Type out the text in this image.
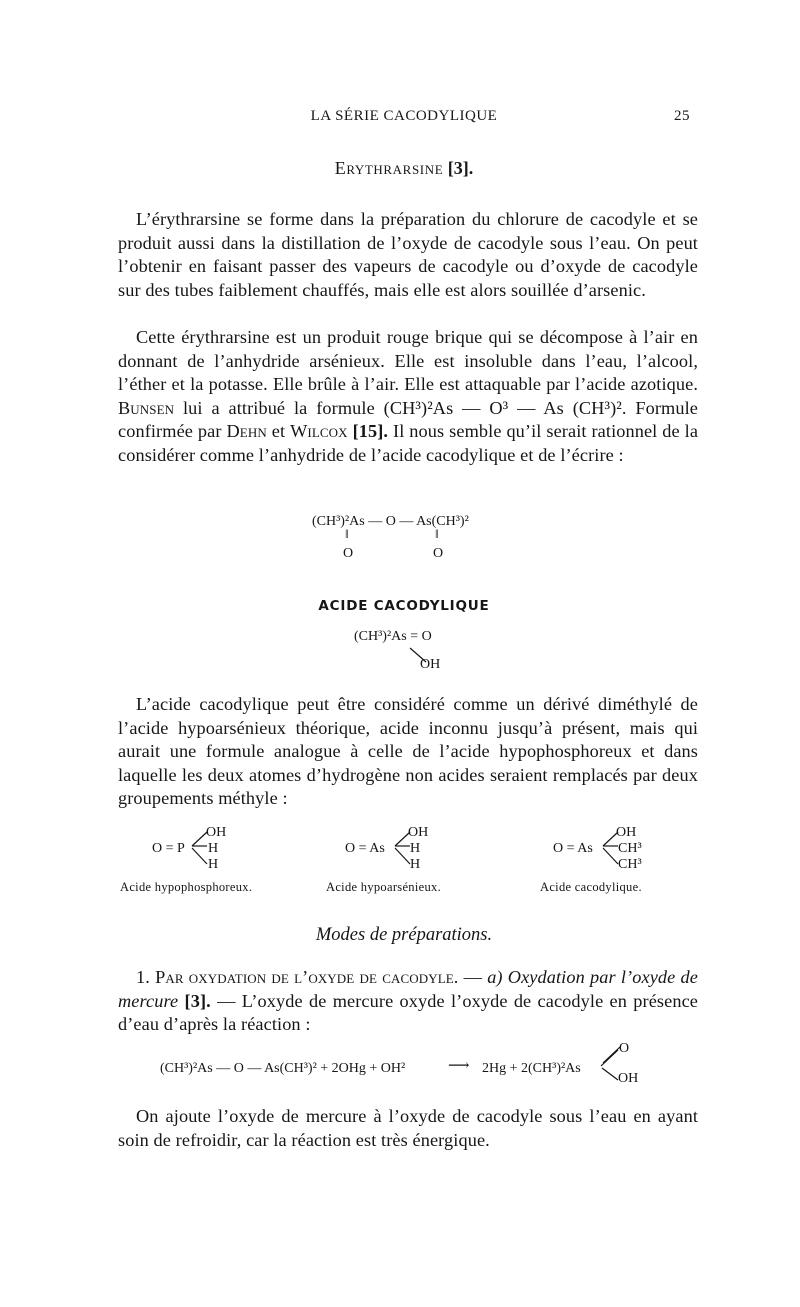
LA SÉRIE CACODYLIQUE	25
Erythrarsine [3].

L’érythrarsine se forme dans la préparation du chlorure de cacodyle et se produit aussi dans la distillation de l’oxyde de cacodyle sous l’eau. On peut l’obtenir en faisant passer des vapeurs de cacodyle ou d’oxyde de cacodyle sur des tubes faiblement chauffés, mais elle est alors souillée d’arsenic.

Cette érythrarsine est un produit rouge brique qui se décompose à l’air en donnant de l’anhydride arsénieux. Elle est insoluble dans l’eau, l’alcool, l’éther et la potasse. Elle brûle à l’air. Elle est attaquable par l’acide azotique. Bunsen lui a attribué la formule (CH³)²As — O³ — As (CH³)². Formule confirmée par Dehn et Wilcox [15]. Il nous semble qu’il serait rationnel de la considérer comme l’anhydride de l’acide cacodylique et de l’écrire :

(CH³)²As — O — As(CH³)²
‖
O
‖
O
ACIDE CACODYLIQUE
(CH³)²As = O
OH

L’acide cacodylique peut être considéré comme un dérivé diméthylé de l’acide hypoarsénieux théorique, acide inconnu jusqu’à présent, mais qui aurait une formule analogue à celle de l’acide hypophosphoreux et dans laquelle les deux atomes d’hydrogène non acides seraient remplacés par deux groupements méthyle :

O = P
OH
H
H
Acide hypophosphoreux.
O = As
OH
H
H
Acide hypoarsénieux.
O = As
OH
CH³
CH³
Acide cacodylique.
Modes de préparations.

1. Par oxydation de l’oxyde de cacodyle. — a) Oxydation par l’oxyde de mercure [3]. — L’oxyde de mercure oxyde l’oxyde de cacodyle en présence d’eau d’après la réaction :

(CH³)²As — O — As(CH³)² + 2OHg + OH²	⟶ 2Hg + 2(CH³)²As
O
OH

On ajoute l’oxyde de mercure à l’oxyde de cacodyle sous l’eau en ayant soin de refroidir, car la réaction est très énergique.
